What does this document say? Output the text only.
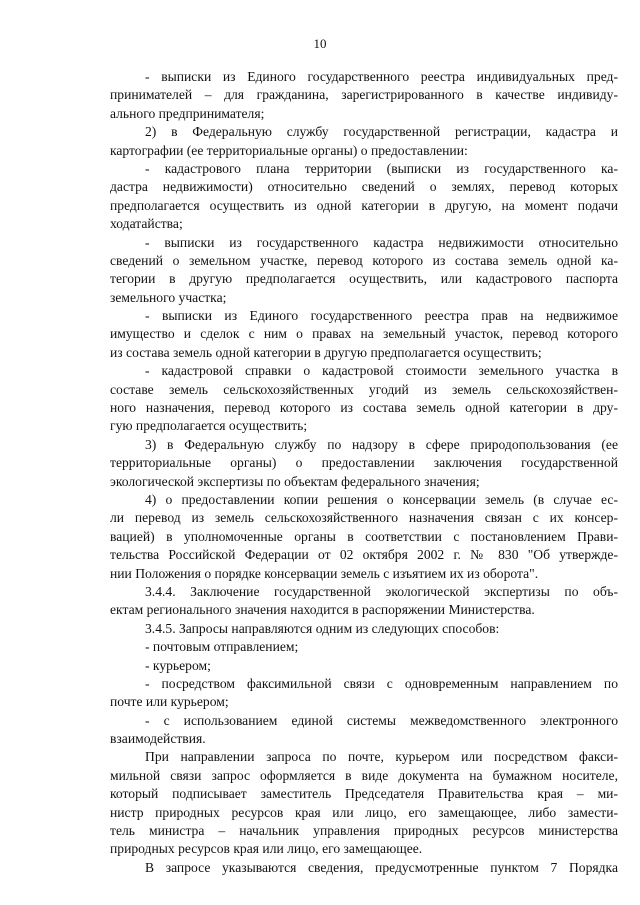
10
- выписки из Единого государственного реестра индивидуальных пред-
принимателей – для гражданина, зарегистрированного в качестве индивиду-
ального предпринимателя;
2) в Федеральную службу государственной регистрации, кадастра и
картографии (ее территориальные органы) о предоставлении:
- кадастрового плана территории (выписки из государственного ка-
дастра недвижимости) относительно сведений о землях, перевод которых
предполагается осуществить из одной категории в другую, на момент подачи
ходатайства;
- выписки из государственного кадастра недвижимости относительно
сведений о земельном участке, перевод которого из состава земель одной ка-
тегории в другую предполагается осуществить, или кадастрового паспорта
земельного участка;
- выписки из Единого государственного реестра прав на недвижимое
имущество и сделок с ним о правах на земельный участок, перевод которого
из состава земель одной категории в другую предполагается осуществить;
- кадастровой справки о кадастровой стоимости земельного участка в
составе земель сельскохозяйственных угодий из земель сельскохозяйствен-
ного назначения, перевод которого из состава земель одной категории в дру-
гую предполагается осуществить;
3) в Федеральную службу по надзору в сфере природопользования (ее
территориальные органы) о предоставлении заключения государственной
экологической экспертизы по объектам федерального значения;
4) о предоставлении копии решения о консервации земель (в случае ес-
ли перевод из земель сельскохозяйственного назначения связан с их консер-
вацией) в уполномоченные органы в соответствии с постановлением Прави-
тельства Российской Федерации от 02 октября 2002 г. № 830 "Об утвержде-
нии Положения о порядке консервации земель с изъятием их из оборота".
3.4.4. Заключение государственной экологической экспертизы по объ-
ектам регионального значения находится в распоряжении Министерства.
3.4.5. Запросы направляются одним из следующих способов:
- почтовым отправлением;
- курьером;
- посредством факсимильной связи с одновременным направлением по
почте или курьером;
- с использованием единой системы межведомственного электронного
взаимодействия.
При направлении запроса по почте, курьером или посредством факси-
мильной связи запрос оформляется в виде документа на бумажном носителе,
который подписывает заместитель Председателя Правительства края – ми-
нистр природных ресурсов края или лицо, его замещающее, либо замести-
тель министра – начальник управления природных ресурсов министерства
природных ресурсов края или лицо, его замещающее.
В запросе указываются сведения, предусмотренные пунктом 7 Порядка
